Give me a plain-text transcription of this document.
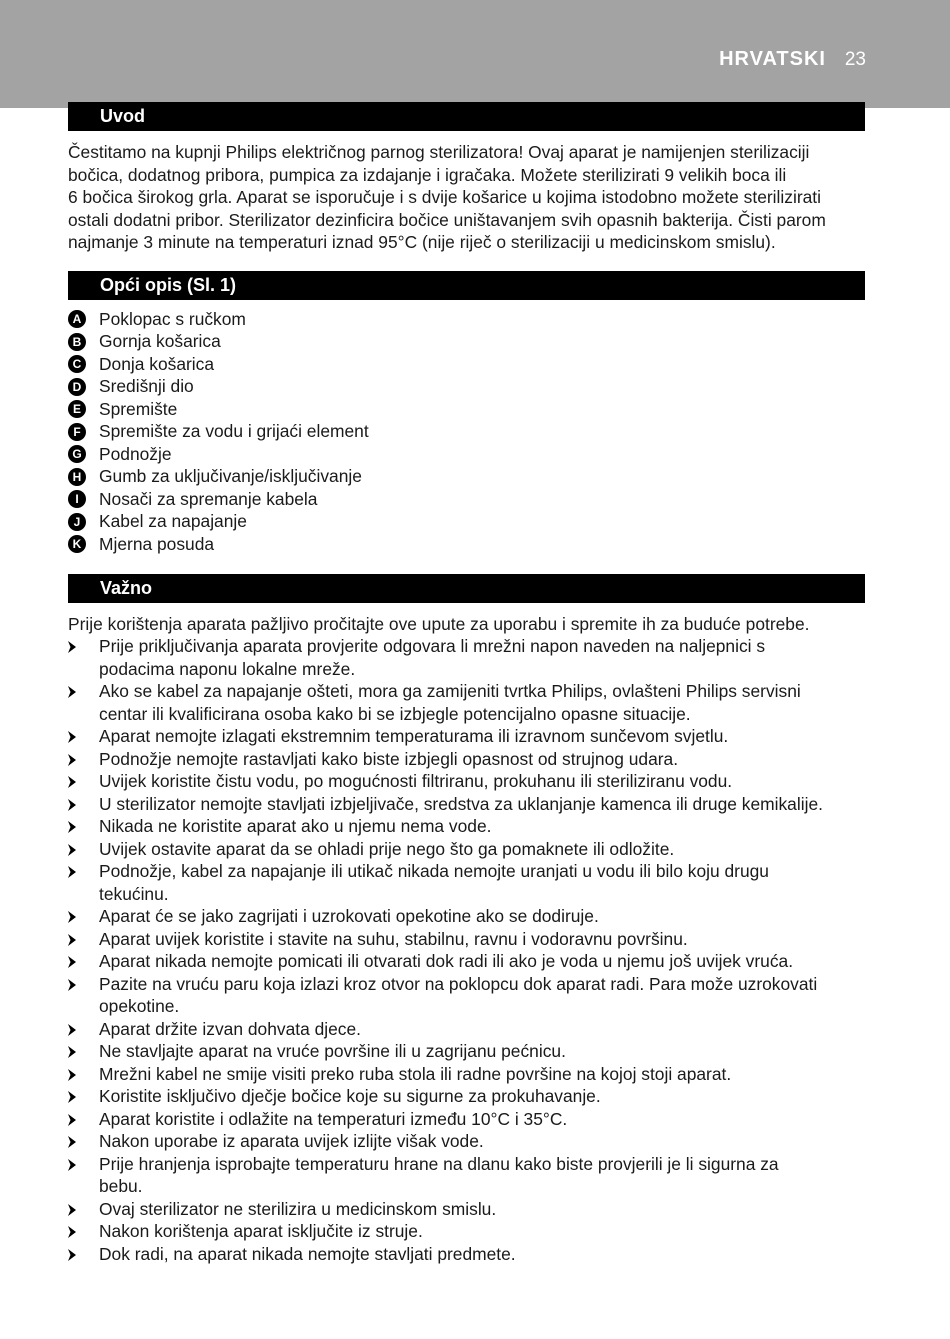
HRVATSKI 23
Uvod
Čestitamo na kupnji Philips električnog parnog sterilizatora! Ovaj aparat je namijenjen sterilizaciji
bočica, dodatnog pribora, pumpica za izdajanje i igračaka. Možete sterilizirati 9 velikih boca ili
6 bočica širokog grla. Aparat se isporučuje i s dvije košarice u kojima istodobno možete sterilizirati
ostali dodatni pribor. Sterilizator dezinficira bočice uništavanjem svih opasnih bakterija. Čisti parom
najmanje 3 minute na temperaturi iznad 95°C (nije riječ o sterilizaciji u medicinskom smislu).
Opći opis (Sl. 1)
A Poklopac s ručkom
B Gornja košarica
C Donja košarica
D Središnji dio
E Spremište
F	Spremište za vodu i grijaći element
G Podnožje
H Gumb za uključivanje/isključivanje
I	Nosači za spremanje kabela
J	Kabel za napajanje
K Mjerna posuda
Važno
Prije korištenja aparata pažljivo pročitajte ove upute za uporabu i spremite ih za buduće potrebe.
Prije priključivanja aparata provjerite odgovara li mrežni napon naveden na naljepnici s
podacima naponu lokalne mreže.
Ako se kabel za napajanje ošteti, mora ga zamijeniti tvrtka Philips, ovlašteni Philips servisni
centar ili kvalificirana osoba kako bi se izbjegle potencijalno opasne situacije.
Aparat nemojte izlagati ekstremnim temperaturama ili izravnom sunčevom svjetlu.
Podnožje nemojte rastavljati kako biste izbjegli opasnost od strujnog udara.
Uvijek koristite čistu vodu, po mogućnosti filtriranu, prokuhanu ili steriliziranu vodu.
U sterilizator nemojte stavljati izbjeljivače, sredstva za uklanjanje kamenca ili druge kemikalije.
Nikada ne koristite aparat ako u njemu nema vode.
Uvijek ostavite aparat da se ohladi prije nego što ga pomaknete ili odložite.
Podnožje, kabel za napajanje ili utikač nikada nemojte uranjati u vodu ili bilo koju drugu
tekućinu.
Aparat će se jako zagrijati i uzrokovati opekotine ako se dodiruje.
Aparat uvijek koristite i stavite na suhu, stabilnu, ravnu i vodoravnu površinu.
Aparat nikada nemojte pomicati ili otvarati dok radi ili ako je voda u njemu još uvijek vruća.
Pazite na vruću paru koja izlazi kroz otvor na poklopcu dok aparat radi. Para može uzrokovati
opekotine.
Aparat držite izvan dohvata djece.
Ne stavljajte aparat na vruće površine ili u zagrijanu pećnicu.
Mrežni kabel ne smije visiti preko ruba stola ili radne površine na kojoj stoji aparat.
Koristite isključivo dječje bočice koje su sigurne za prokuhavanje.
Aparat koristite i odlažite na temperaturi između 10°C i 35°C.
Nakon uporabe iz aparata uvijek izlijte višak vode.
Prije hranjenja isprobajte temperaturu hrane na dlanu kako biste provjerili je li sigurna za
bebu.
Ovaj sterilizator ne sterilizira u medicinskom smislu.
Nakon korištenja aparat isključite iz struje.
Dok radi, na aparat nikada nemojte stavljati predmete.
